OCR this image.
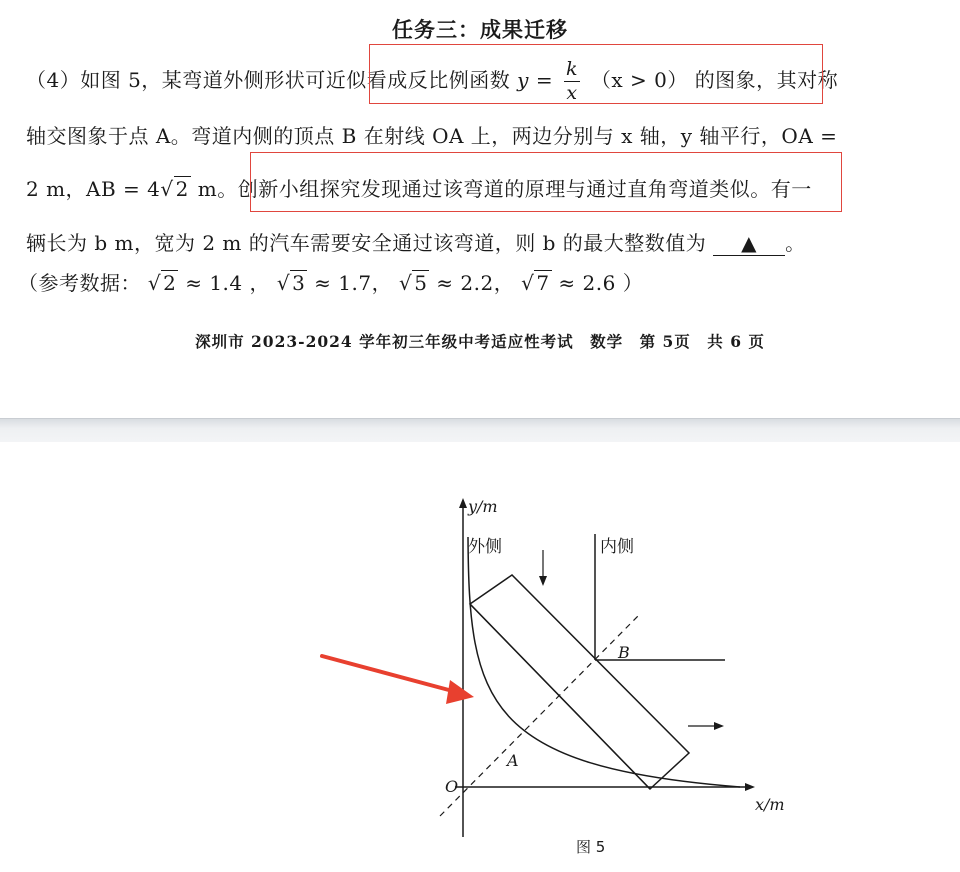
任务三：成果迁移
（4）如图 5，某弯道外侧形状可近似看成反比例函数 $y = \frac{k}{x} (x > 0)$ 的图象，其对称
轴交图象于点 A。弯道内侧的顶点 B 在射线 OA 上，两边分别与 x 轴，y 轴平行，OA =
2 m，AB = 4√ 2 m。创新小组探究发现通过该弯道的原理与通过直角弯道类似。有一
辆长为 b m，宽为 2 m 的汽车需要安全通过该弯道，则 b 的最大整数值为 ▲ 。
（参考数据： √ 2 ≈ 1.4 ， √ 3 ≈ 1.7， √ 5 ≈ 2.2， √ 7 ≈ 2.6 ）
深圳市 2023-2024 学年初三年级中考适应性考试　数学　第 5页　共 6 页
y/m
x/m
外侧	内侧
O
A
B
图 5
